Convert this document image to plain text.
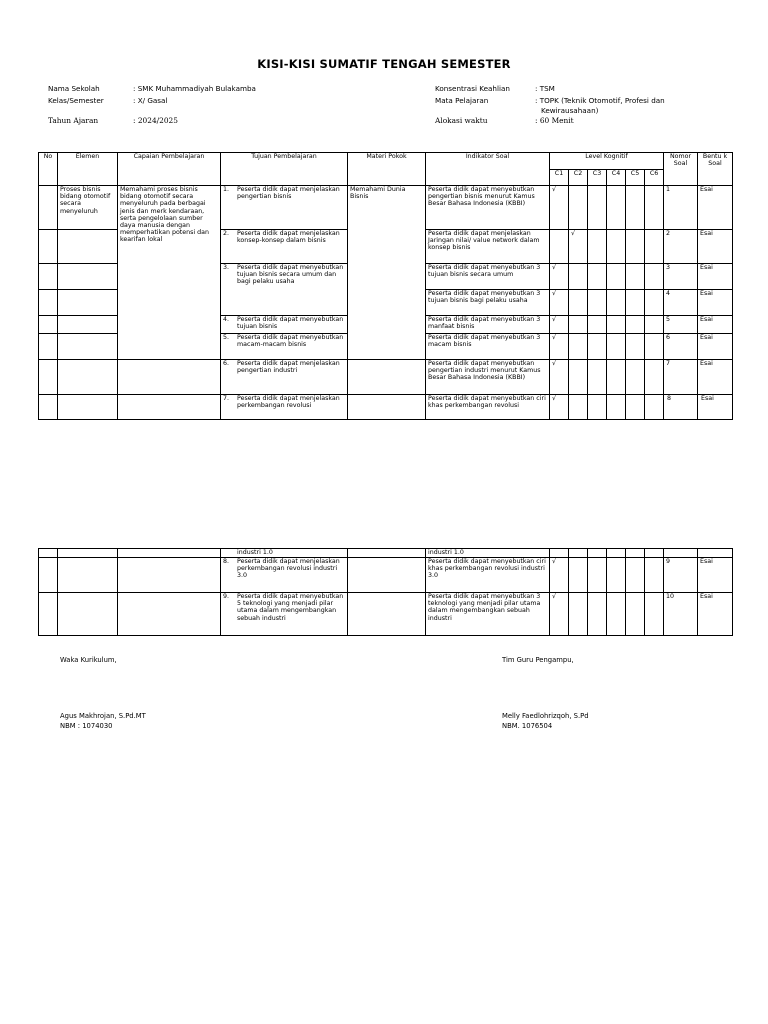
KISI-KISI SUMATIF TENGAH SEMESTER
Nama Sekolah	: SMK Muhammadiyah Bulakamba
Kelas/Semester	: X/ Gasal
Tahun Ajaran	: 2024/2025
Konsentrasi Keahlian	: TSM
Mata Pelajaran	: TOPK (Teknik Otomotif, Profesi dan
Kewirausahaan)
Alokasi waktu	: 60 Menit
No	Elemen	Capaian Pembelajaran	Tujuan Pembelajaran	Materi Pokok	Indikator Soal	Level Kognitif						Nomor Soal	Bentu k Soal
						C1	C2	C3	C4	C5	C6		
	Proses bisnis bidang otomotif secara menyeluruh	Memahami proses bisnis bidang otomotif secara menyeluruh pada berbagai jenis dan merk kendaraan, serta pengelolaan sumber daya manusia dengan memperhatikan potensi dan kearifan lokal	1. Peserta didik dapat menjelaskan pengertian bisnis	Memahami Dunia Bisnis	Peserta didik dapat menyebutkan pengertian bisnis menurut Kamus Besar Bahasa Indonesia (KBBI)	√						1	Esai

			2. Peserta didik dapat menjelaskan konsep-konsep dalam bisnis		Peserta didik dapat menjelaskan Jaringan nilai/ value network dalam konsep bisnis		√					2	Esai

			3. Peserta didik dapat menyebutkan tujuan bisnis secara umum dan bagi pelaku usaha		Peserta didik dapat menyebutkan 3 tujuan bisnis secara umum	√						3	Esai
					Peserta didik dapat menyebutkan 3 tujuan bisnis bagi pelaku usaha	√						4	Esai

			4. Peserta didik dapat menyebutkan tujuan bisnis		Peserta didik dapat menyebutkan 3 manfaat bisnis	√						5	Esai

			5. Peserta didik dapat menyebutkan macam-macam bisnis		Peserta didik dapat menyebutkan 3 macam bisnis	√						6	Esai

			6. Peserta didik dapat menjelaskan pengertian industri		Peserta didik dapat menyebutkan pengertian industri menurut Kamus Besar Bahasa Indonesia (KBBI)	√						7	Esai

			7. Peserta didik dapat menjelaskan perkembangan revolusi		Peserta didik dapat menyebutkan ciri khas perkembangan revolusi	√						8	Esai

			industri 1.0		industri 1.0								

			8. Peserta didik dapat menjelaskan perkembangan revolusi industri 3.0		Peserta didik dapat menyebutkan ciri khas perkembangan revolusi industri 3.0	√						9	Esai

			9. Peserta didik dapat menyebutkan 5 teknologi yang menjadi pilar utama dalam mengembangkan sebuah industri		Peserta didik dapat menyebutkan 3 teknologi yang menjadi pilar utama dalam mengembangkan sebuah industri	√						10	Esai
Waka Kurikulum,
Agus Makhrojan, S.Pd.MT
NBM : 1074030
Tim Guru Pengampu,
Melly Faedlohrizqoh, S.Pd
NBM. 1076504
